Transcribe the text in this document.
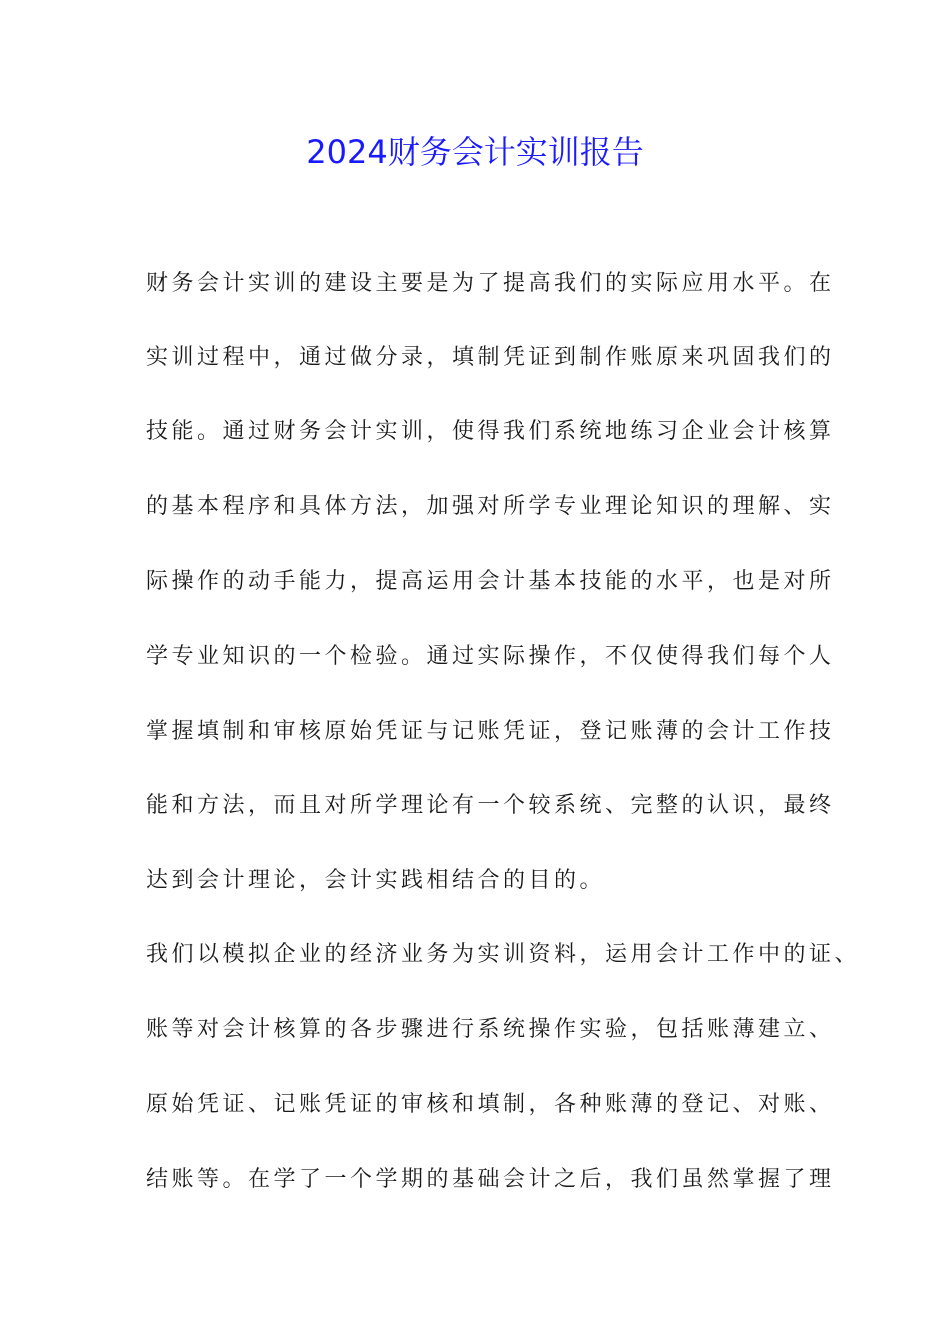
2024财务会计实训报告
财务会计实训的建设主要是为了提高我们的实际应用水平。在
实训过程中，通过做分录，填制凭证到制作账原来巩固我们的
技能。通过财务会计实训，使得我们系统地练习企业会计核算
的基本程序和具体方法，加强对所学专业理论知识的理解、实
际操作的动手能力，提高运用会计基本技能的水平，也是对所
学专业知识的一个检验。通过实际操作，不仅使得我们每个人
掌握填制和审核原始凭证与记账凭证，登记账薄的会计工作技
能和方法，而且对所学理论有一个较系统、完整的认识，最终
达到会计理论，会计实践相结合的目的。
我们以模拟企业的经济业务为实训资料，运用会计工作中的证、
账等对会计核算的各步骤进行系统操作实验，包括账薄建立、
原始凭证、记账凭证的审核和填制，各种账薄的登记、对账、
结账等。在学了一个学期的基础会计之后，我们虽然掌握了理
